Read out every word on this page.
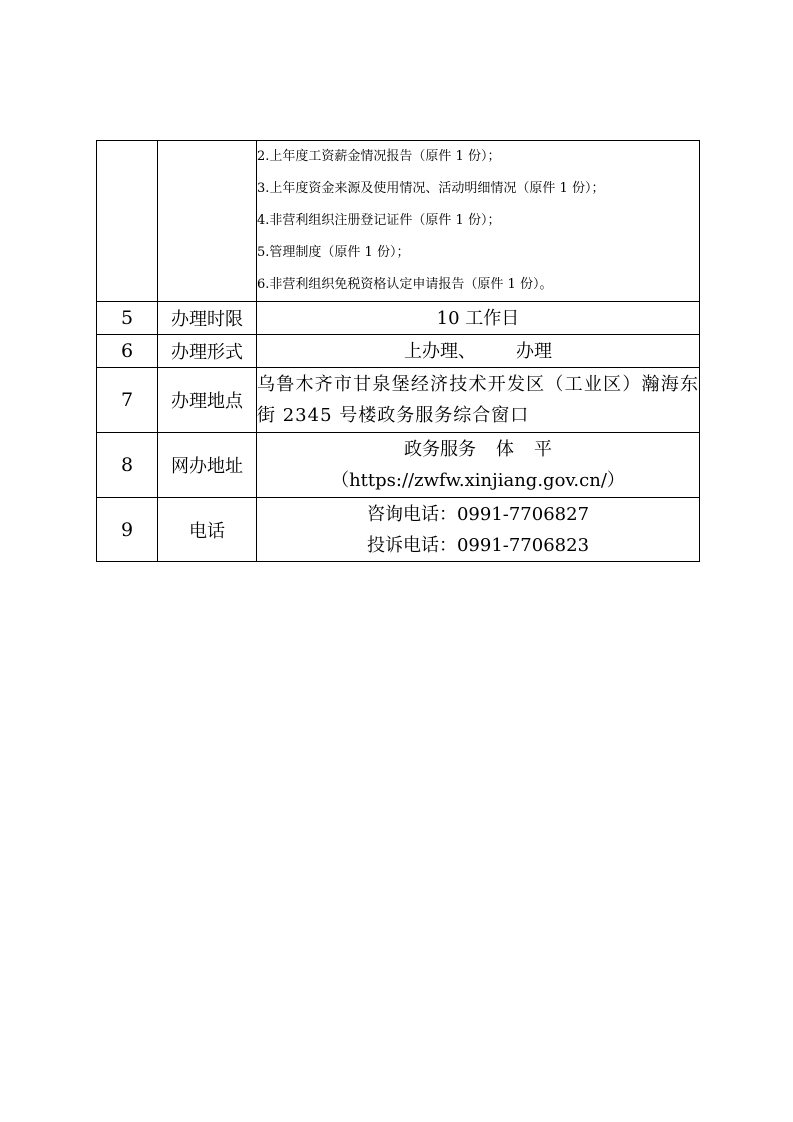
		2.上年度工资薪金情况报告（原件 1 份）；

3.上年度资金来源及使用情况、活动明细情况（原件 1 份）；

4.非营利组织注册登记证件（原件 1 份）；

5.管理制度（原件 1 份）；

6.非营利组织免税资格认定申请报告（原件 1 份）。

5	办理时限	10 工作日
6	办理形式	上办理、 办理
7	办理地点	乌鲁木齐市甘泉堡经济技术开发区（工业区）瀚海东街 2345 号楼政务服务综合窗口
8	网办地址	政务服务 体 平
（https://zwfw.xinjiang.gov.cn/）

9	电话	咨询电话：0991-7706827
投诉电话：0991-7706823
